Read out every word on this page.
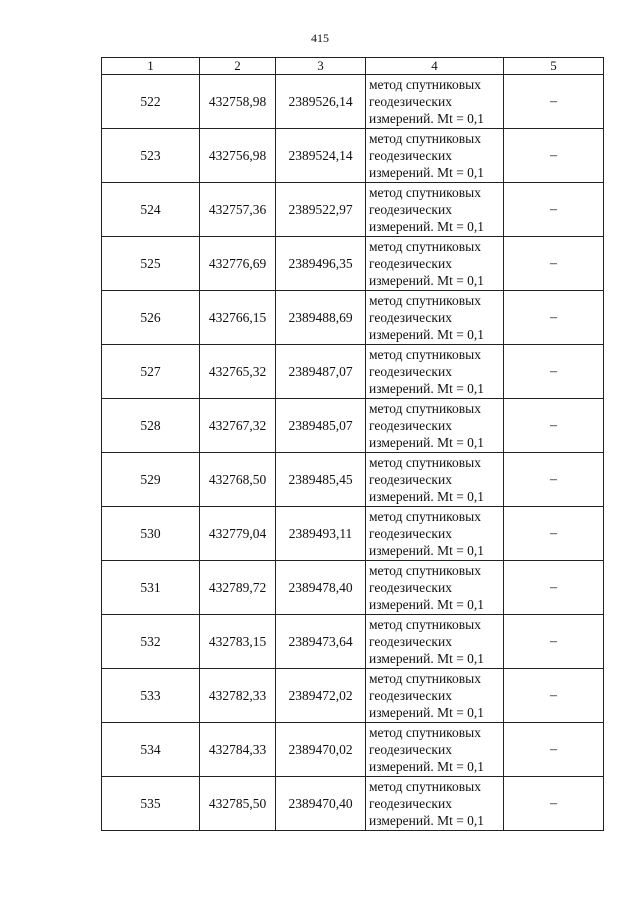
415
1	2	3	4	5
522	432758,98	2389526,14	метод спутниковых
геодезических
измерений. Mt = 0,1	–
523	432756,98	2389524,14	метод спутниковых
геодезических
измерений. Mt = 0,1	–
524	432757,36	2389522,97	метод спутниковых
геодезических
измерений. Mt = 0,1	–
525	432776,69	2389496,35	метод спутниковых
геодезических
измерений. Mt = 0,1	–
526	432766,15	2389488,69	метод спутниковых
геодезических
измерений. Mt = 0,1	–
527	432765,32	2389487,07	метод спутниковых
геодезических
измерений. Mt = 0,1	–
528	432767,32	2389485,07	метод спутниковых
геодезических
измерений. Mt = 0,1	–
529	432768,50	2389485,45	метод спутниковых
геодезических
измерений. Mt = 0,1	–
530	432779,04	2389493,11	метод спутниковых
геодезических
измерений. Mt = 0,1	–
531	432789,72	2389478,40	метод спутниковых
геодезических
измерений. Mt = 0,1	–
532	432783,15	2389473,64	метод спутниковых
геодезических
измерений. Mt = 0,1	–
533	432782,33	2389472,02	метод спутниковых
геодезических
измерений. Mt = 0,1	–
534	432784,33	2389470,02	метод спутниковых
геодезических
измерений. Mt = 0,1	–
535	432785,50	2389470,40	метод спутниковых
геодезических
измерений. Mt = 0,1	–
